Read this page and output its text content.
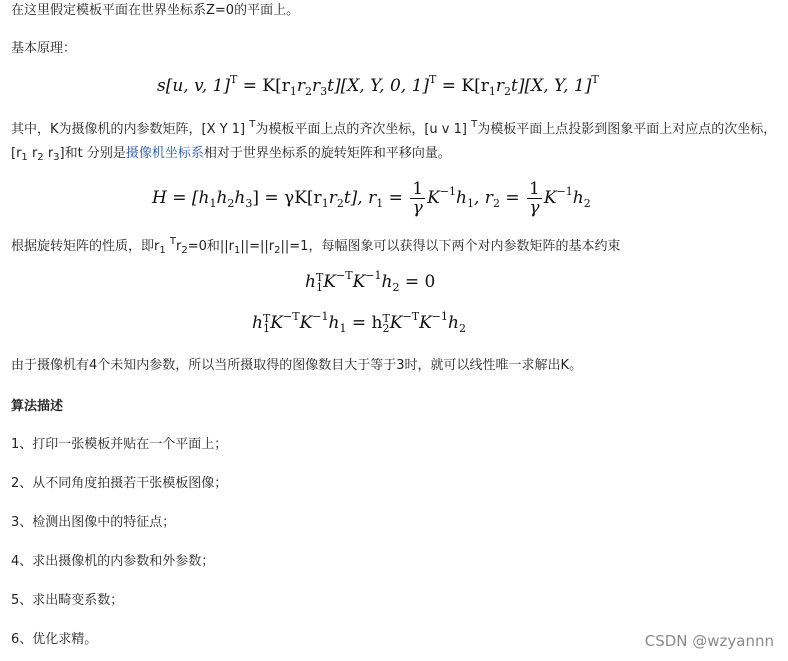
在这里假定模板平面在世界坐标系Z=0的平面上。
基本原理：
s[u, v, $1]^T = K[r_1r_2r_3t][X$, Y, 0, $1]^T = K[r_1r_2t][X$, Y, 1]$^T$
其中，K为摄像机的内参数矩阵，[X Y 1] $^T$为模板平面上点的齐次坐标，[u v 1] $^T$为模板平面上点投影到图象平面上对应点的次坐标，[$r_1$ $r_2$ $r_3$]和t 分别是摄像机坐标系相对于世界坐标系的旋转矩阵和平移向量。
$H = [h_1h_2h_3] = \gamma K[r_1r_2t]$, $r_1 = \frac{1}{\gamma} K^{-1}h_1$, $r_2 = \frac{1}{\gamma} K^{-1}h_2$
根据旋转矩阵的性质，即$r_1$ $^Tr_2=0$和$||r_1||=||r_2||=1$，每幅图象可以获得以下两个对内参数矩阵的基本约束
h T
1 $K^{-T}K^{-1}h_2 = 0$
h T
1 $K^{-T}K^{-1}h_1 = h$ T
2 $K^{-T}K^{-1}h_2$
由于摄像机有4个未知内参数，所以当所摄取得的图像数目大于等于3时，就可以线性唯一求解出K。
算法描述
1、打印一张模板并贴在一个平面上；
2、从不同角度拍摄若干张模板图像；
3、检测出图像中的特征点；
4、求出摄像机的内参数和外参数；
5、求出畸变系数；
6、优化求精。	CSDN @wzyannn
